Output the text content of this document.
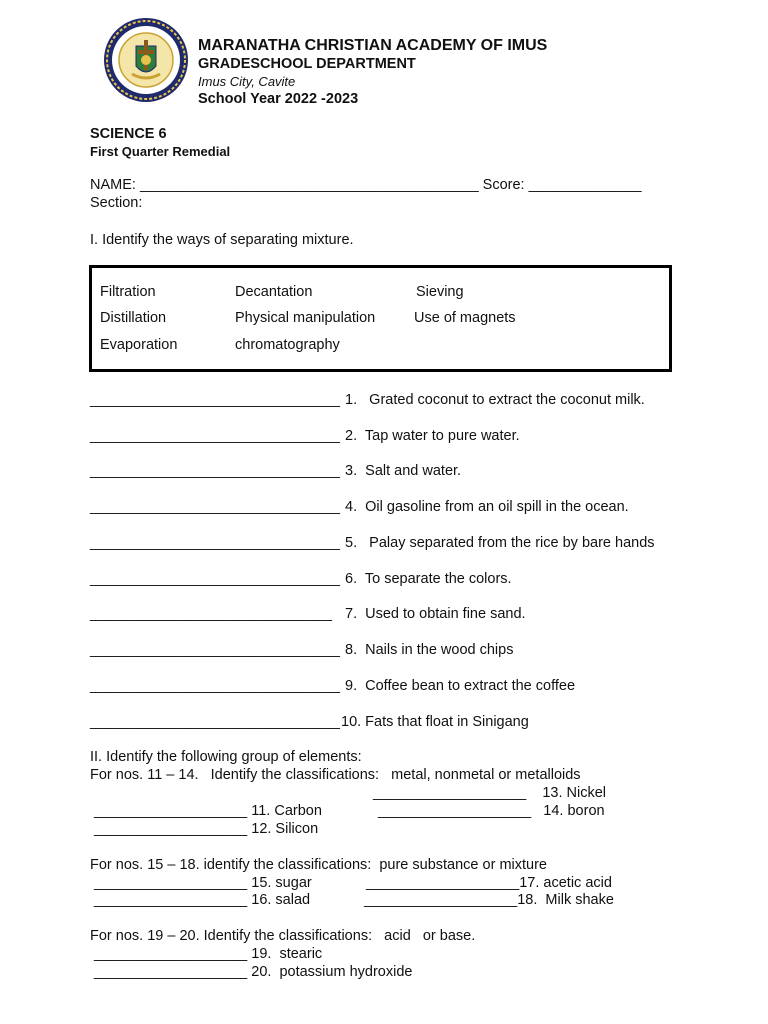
MARANATHA CHRISTIAN ACADEMY OF IMUS
GRADESCHOOL DEPARTMENT
Imus City, Cavite
School Year 2022 -2023
SCIENCE 6
First Quarter Remedial
NAME: __________________________________________ Score: ______________
Section:
I. Identify the ways of separating mixture.
Filtration	Decantation	Sieving
Distillation	Physical manipulation	Use of magnets
Evaporation	chromatography
_______________________________ 1.   Grated coconut to extract the coconut milk.
_______________________________ 2.  Tap water to pure water.
_______________________________ 3.  Salt and water.
_______________________________ 4.  Oil gasoline from an oil spill in the ocean.
_______________________________ 5.   Palay separated from the rice by bare hands
_______________________________ 6.  To separate the colors.
______________________________ 7.  Used to obtain fine sand.
_______________________________ 8.  Nails in the wood chips
_______________________________ 9.  Coffee bean to extract the coffee
_______________________________ 10. Fats that float in Sinigang
II. Identify the following group of elements:
For nos. 11 – 14.   Identify the classifications:   metal, nonmetal or metalloids
___________________    13. Nickel
___________________ 11. Carbon	___________________   14. boron
___________________ 12. Silicon
For nos. 15 – 18. identify the classifications:  pure substance or mixture
___________________ 15. sugar	___________________17. acetic acid
___________________ 16. salad	___________________18.  Milk shake
For nos. 19 – 20. Identify the classifications:   acid   or base.
___________________ 19.  stearic
___________________ 20.  potassium hydroxide
